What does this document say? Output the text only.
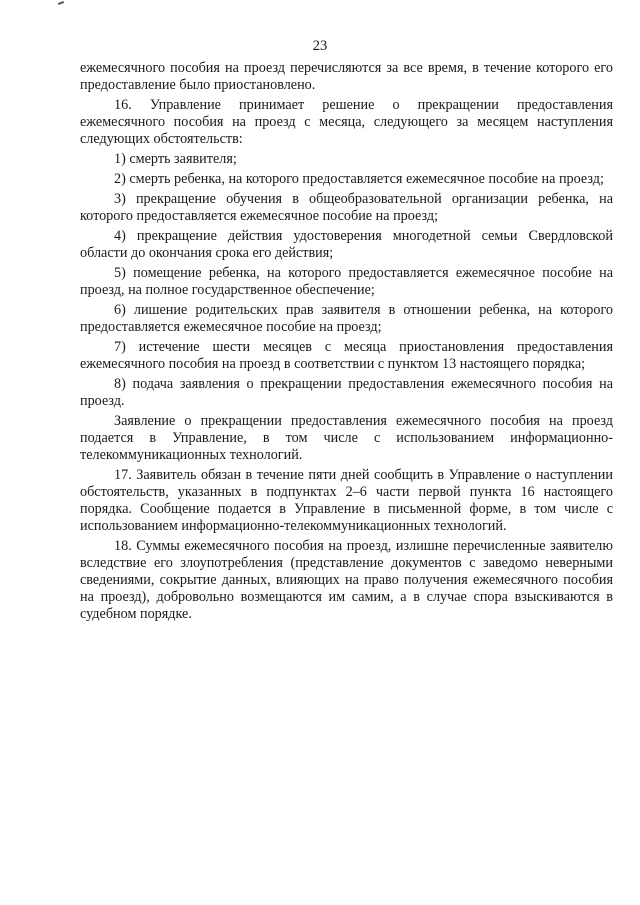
23

ежемесячного пособия на проезд перечисляются за все время, в течение которого его предоставление было приостановлено.

16. Управление принимает решение о прекращении предоставления ежемесячного пособия на проезд с месяца, следующего за месяцем наступления следующих обстоятельств:

1) смерть заявителя;

2) смерть ребенка, на которого предоставляется ежемесячное пособие на проезд;

3) прекращение обучения в общеобразовательной организации ребенка, на которого предоставляется ежемесячное пособие на проезд;

4) прекращение действия удостоверения многодетной семьи Свердловской области до окончания срока его действия;

5) помещение ребенка, на которого предоставляется ежемесячное пособие на проезд, на полное государственное обеспечение;

6) лишение родительских прав заявителя в отношении ребенка, на которого предоставляется ежемесячное пособие на проезд;

7) истечение шести месяцев с месяца приостановления предоставления ежемесячного пособия на проезд в соответствии с пунктом 13 настоящего порядка;

8) подача заявления о прекращении предоставления ежемесячного пособия на проезд.

Заявление о прекращении предоставления ежемесячного пособия на проезд подается в Управление, в том числе с использованием информационно-телекоммуникационных технологий.

17. Заявитель обязан в течение пяти дней сообщить в Управление о наступлении обстоятельств, указанных в подпунктах 2–6 части первой пункта 16 настоящего порядка. Сообщение подается в Управление в письменной форме, в том числе с использованием информационно-телекоммуникационных технологий.

18. Суммы ежемесячного пособия на проезд, излишне перечисленные заявителю вследствие его злоупотребления (представление документов с заведомо неверными сведениями, сокрытие данных, влияющих на право получения ежемесячного пособия на проезд), добровольно возмещаются им самим, а в случае спора взыскиваются в судебном порядке.
